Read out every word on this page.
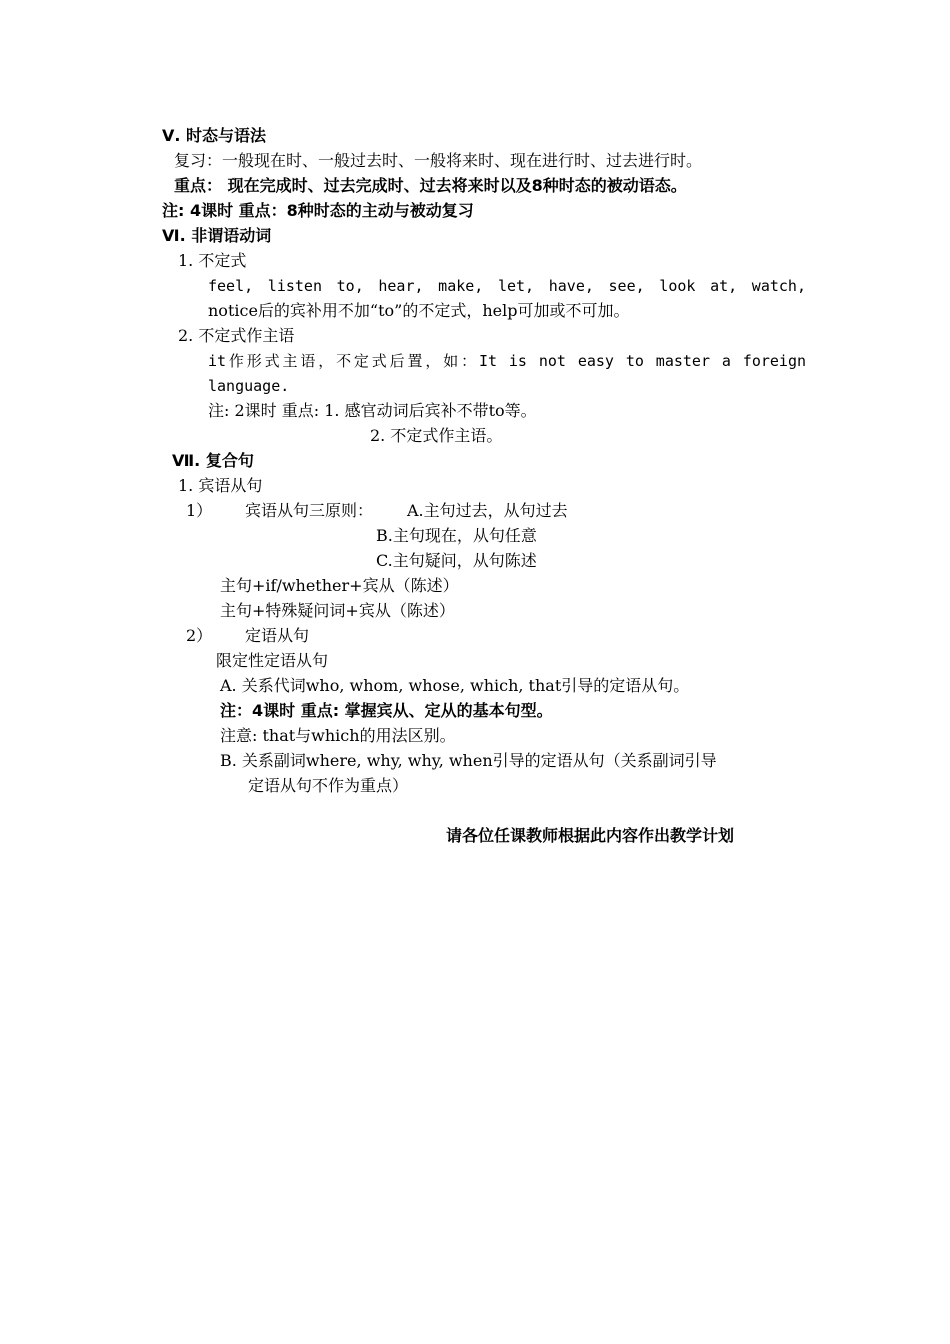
Ⅴ. 时态与语法
复习：一般现在时、一般过去时、一般将来时、现在进行时、过去进行时。
重点： 现在完成时、过去完成时、过去将来时以及8种时态的被动语态。
注: 4课时 重点：8种时态的主动与被动复习
Ⅵ. 非谓语动词
1. 不定式
feel, listen to, hear, make, let, have, see, look at, watch,
notice后的宾补用不加“to”的不定式，help可加或不可加。
2. 不定式作主语
it作形式主语，不定式后置，如：It is not easy to master a foreign
language.
注: 2课时 重点: 1. 感官动词后宾补不带to等。
2. 不定式作主语。
Ⅶ. 复合句
1. 宾语从句
1） 宾语从句三原则： A.主句过去，从句过去
B.主句现在，从句任意
C.主句疑问，从句陈述
主句+if/whether+宾从（陈述）
主句+特殊疑问词+宾从（陈述）
2） 定语从句
限定性定语从句
A. 关系代词who, whom, whose, which, that引导的定语从句。
注：4课时 重点: 掌握宾从、定从的基本句型。
注意: that与which的用法区别。
B. 关系副词where, why, why, when引导的定语从句（关系副词引导
定语从句不作为重点）
请各位任课教师根据此内容作出教学计划
